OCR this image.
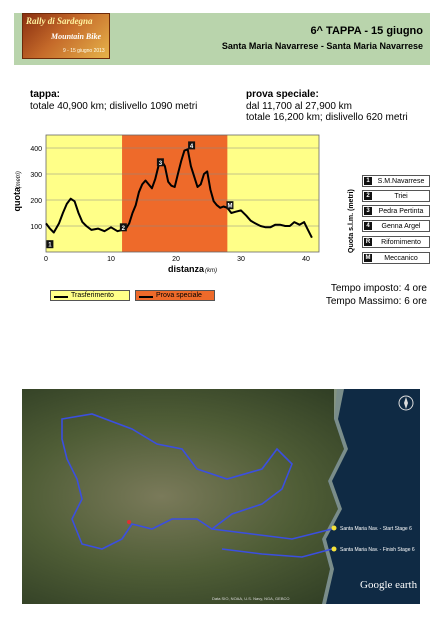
Rally di Sardegna
Mountain Bike
9 - 15 giugno 2013
6^ TAPPA - 15 giugno
Santa Maria Navarrese - Santa Maria Navarrese
tappa:
totale 40,900 km; dislivello 1090 metri
prova speciale:
dal 11,700 al 27,900 km
totale 16,200 km; dislivello 620 metri
100
200
300
400
0	10	20	30	40
1
2
3
4
M
quota
(metri)
distanza (km)
Quota s.l.m. (metri)
1	S.M.Navarrese
2	Triei
3	Pedra Pertinta
4	Genna Argel
R	Rifornimento
M	Meccanico
Trasferimento	Prova speciale
Tempo imposto: 4 ore
Tempo Massimo: 6 ore
Santa Maria Nav. - Start Stage 6
Santa Maria Nav. - Finish Stage 6
Google earth
Data SIO, NOAA, U.S. Navy, NGA, GEBCO
